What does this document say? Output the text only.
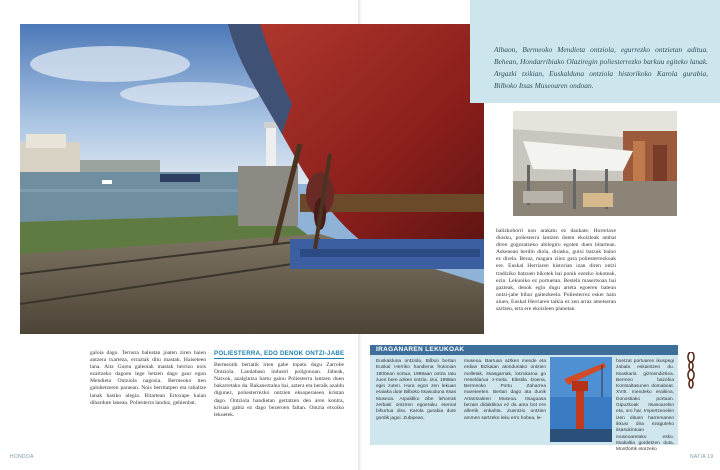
Albaon, Bermeoko Mendieta ontziola, egurrezko ontzietan adituа. Behean, Hondarribiako Olaziregin poliesterrezko barkuu egiteko lanak. Argazki txikian, Euskaldunа ontziola historikoko Karola gurabia, Bilboko Itsas Museoaren ondoan.
galoia dago. Ternura baleatan joaten ziren haien antzera txarteza, erraztak ditu mastak. Haiseteen lana. Aitz Gurea galeoiak mastak berrizo nois ezartzeko dagoen lege hetzen dago gaur egun Mendieta Ontziola nagosia. Bermeoko iten galuhetzeren paraean. Nois berritatpen eta rabaltze lanak hasiko alegia. Bitartean Ertoxape kaian dihardute lanean. Poliesterra landuz, gehienbat.
POLIESTERRA, EDO DENOK ONTZI-JABE

Bermeotik bertatik irten gabe topatu dugu Zarrobe Ontziola. Landabaso industri poligonoan. Jabeak, Natxok, azalgintza hartu gainu Poliesterra lantzen duen bakarretako da. Bakaneztalea bai, aztera eta beraik azaldu digunez, poliesterrezko ontzien eksoperaieen kristan dago. Ontziola handietan gertatzen den aren kontra, krisian gabiz ez dago bezeroen faltan. Ontzia etxoiko lekuetek.

balizkoborri non arakatu ez daukate. Horrelaxe diosku, poliesterra lantzen duten ekoizleak ambat diren gogoratzeko abilegiru egoten duen bitartean. Askenean berdin diola, dirasku, gutxi batzuk baino ez direla. Beraz, magara ziiez gara poliesterrezkoak ere. Euskal Herriaren historian izan diren ontzi tradiziko batzuen bikotek bai ponik ezezko lokoteak, ezin. Lekuniko ez portuetan. Bestela masertsoan bai gazteak, denok egin dugu arteta egoeren bateun ontzi-jabe bihur gaitezkeela. Poliesterrez esker hain aiuen, Euskal Herriaren taikia ez zen arraz ametseran sartzen, erta ere ekoizleen planetan.
IRAGANAREN LEKUKOAK
Euskalduna ontziola, Bilbon bertan Euskal Herriko handiena frotonian 1900ean sortua, 1988aan ontza ratu zuen bere azken ontzia. Izui, 1988an egin zuten. Hura egon zen lekuan eraiaka dute Bilboko Itsasoduna Itsas Museoa. Arpaldiko zibe lehorrak zerbaiti ontziren egoeraku eternal bihurtua dira. Karola gurabia dute gordik jagoi. Zubipean,
museoa. Barruan aztken mende eta erdian Bizkaian atonduriako ontzien molletak, itsasgarriak, lotzukaroa go rreseldarua z-meta. Eikstila Doena, Bermeoko Portu Zaharrea mareteeten. Bertan dago ata dunik Artantzaleen Museoa. Itsaguasa bezain didaktikoa ez da ama bot ere alferrik enkahta. Zuentzio ontzien ammen sartzeko leku erro hobea, le-
hoetzat portuaren ikuspegi zabala eskaintzen du. Itsaskaria gizmendiztiea. Bermeo bazohia Kontsaltasunen domabeat. XVIII. mendeko eraikina, Donostiako portuan. Gipuzkoak itsasoarekin eta, oro har, Impertzenekin izen dituen harremanen ikkusi dira ezaguteko itsasukintoan museoaretako esko. Itsakaltia gordetzen duta, Montfortik etorzeko
HONDOA	NATIA 19
